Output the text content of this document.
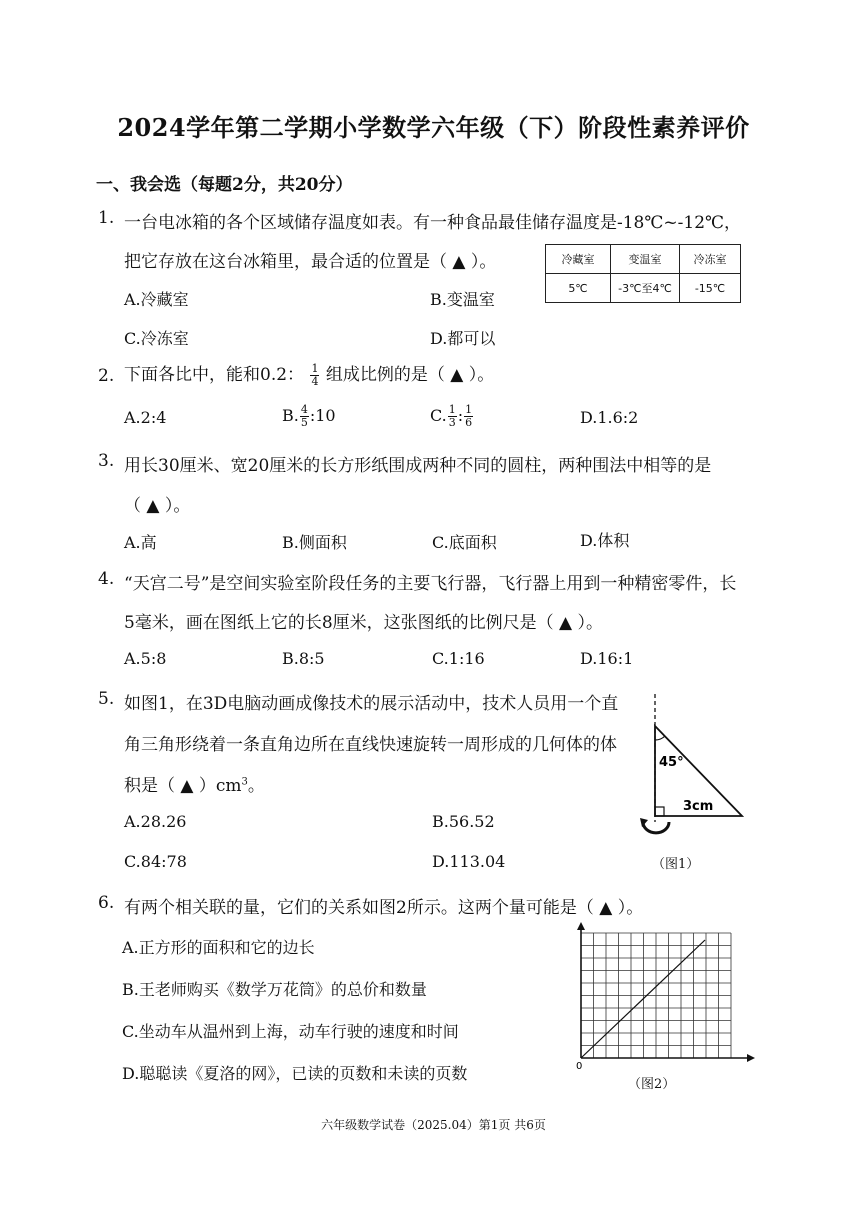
2024学年第二学期小学数学六年级（下）阶段性素养评价
一、我会选（每题2分，共20分）
1. 一台电冰箱的各个区域储存温度如表。有一种食品最佳储存温度是-18℃~-12℃，
把它存放在这台冰箱里，最合适的位置是（ ▲ ）。	冷藏室	变温室	冷冻室
5℃	-3℃至4℃	-15℃
A.冷藏室	B.变温室
C.冷冻室	D.都可以
2. 下面各比中，能和0.2： $\frac{1}{4}$ 组成比例的是（ ▲ ）。
A.2:4	B. $\frac{4}{5}$ :10	C. $\frac{1}{3}$ : $\frac{1}{6}$	D.1.6:2
3. 用长30厘米、宽20厘米的长方形纸围成两种不同的圆柱，两种围法中相等的是
（ ▲ ）。
A.高	B.侧面积	C.底面积	D.体积
4. “天宫二号”是空间实验室阶段任务的主要飞行器，飞行器上用到一种精密零件，长
5毫米，画在图纸上它的长8厘米，这张图纸的比例尺是（ ▲ ）。
A.5:8	B.8:5	C.1:16	D.16:1
5. 如图1，在3D电脑动画成像技术的展示活动中，技术人员用一个直
角三角形绕着一条直角边所在直线快速旋转一周形成的几何体的体
积是（ ▲ ）$cm^3$。
A.28.26	B.56.52
C.84:78	D.113.04
45°
3cm
（图1）
6. 有两个相关联的量，它们的关系如图2所示。这两个量可能是（ ▲ ）。
A.正方形的面积和它的边长
B.王老师购买《数学万花筒》的总价和数量
C.坐动车从温州到上海，动车行驶的速度和时间
D.聪聪读《夏洛的网》，已读的页数和未读的页数	0
（图2）
六年级数学试卷（2025.04）第1页 共6页
